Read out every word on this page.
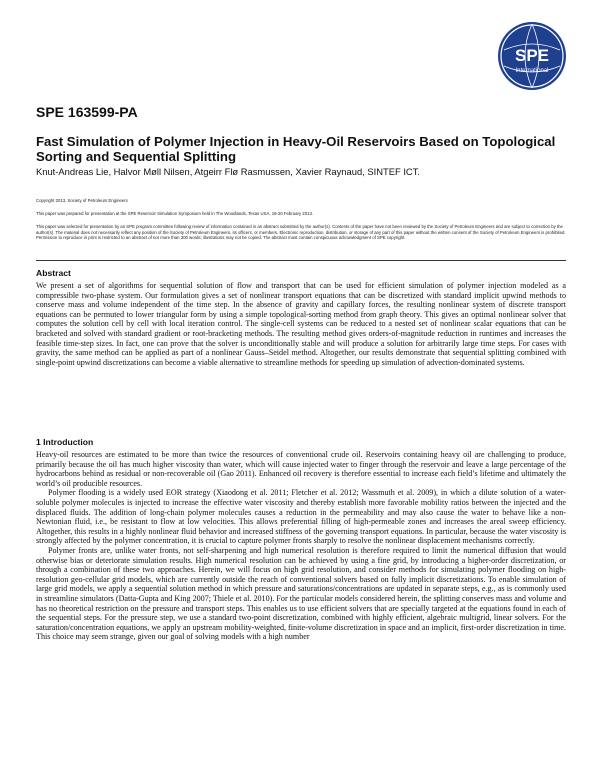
SPE
International
SPE 163599-PA
Fast Simulation of Polymer Injection in Heavy-Oil Reservoirs Based on Topological Sorting and Sequential Splitting
Knut-Andreas Lie, Halvor Møll Nilsen, Atgeirr Flø Rasmussen, Xavier Raynaud, SINTEF ICT.
Copyright 2013, Society of Petroleum Engineers
This paper was prepared for presentation at the SPE Reservoir Simulation Symposium held in The Woodlands, Texas USA, 18-20 February 2013.
This paper was selected for presentation by an SPE program committee following review of information contained in an abstract submitted by the author(s). Contents of the paper have not been reviewed by the Society of Petroleum Engineers and are subject to correction by the author(s). The material does not necessarily reflect any position of the Society of Petroleum Engineers, its officers, or members. Electronic reproduction, distribution, or storage of any part of this paper without the written consent of the Society of Petroleum Engineers is prohibited. Permission to reproduce in print is restricted to an abstract of not more than 300 words; illustrations may not be copied. The abstract must contain conspicuous acknowledgment of SPE copyright.
Abstract

We present a set of algorithms for sequential solution of flow and transport that can be used for efficient simulation of polymer injection modeled as a compressible two-phase system. Our formulation gives a set of nonlinear transport equations that can be discretized with standard implicit upwind methods to conserve mass and volume independent of the time step. In the absence of gravity and capillary forces, the resulting nonlinear system of discrete transport equations can be permuted to lower triangular form by using a simple topological-sorting method from graph theory. This gives an optimal nonlinear solver that computes the solution cell by cell with local iteration control. The single-cell systems can be reduced to a nested set of nonlinear scalar equations that can be bracketed and solved with standard gradient or root-bracketing methods. The resulting method gives orders-of-magnitude reduction in runtimes and increases the feasible time-step sizes. In fact, one can prove that the solver is unconditionally stable and will produce a solution for arbitrarily large time steps. For cases with gravity, the same method can be applied as part of a nonlinear Gauss–Seidel method. Altogether, our results demonstrate that sequential splitting combined with single-point upwind discretizations can become a viable alternative to streamline methods for speeding up simulation of advection-dominated systems.

1 Introduction

Heavy-oil resources are estimated to be more than twice the resources of conventional crude oil. Reservoirs containing heavy oil are challenging to produce, primarily because the oil has much higher viscosity than water, which will cause injected water to finger through the reservoir and leave a large percentage of the hydrocarbons behind as residual or non-recoverable oil (Gao 2011). Enhanced oil recovery is therefore essential to increase each field’s lifetime and ultimately the world’s oil producible resources.

Polymer flooding is a widely used EOR strategy (Xiaodong et al. 2011; Fletcher et al. 2012; Wassmuth et al. 2009), in which a dilute solution of a water-soluble polymer molecules is injected to increase the effective water viscosity and thereby establish more favorable mobility ratios between the injected and the displaced fluids. The addition of long-chain polymer molecules causes a reduction in the permeability and may also cause the water to behave like a non-Newtonian fluid, i.e., be resistant to flow at low velocities. This allows preferential filling of high-permeable zones and increases the areal sweep efficiency. Altogether, this results in a highly nonlinear fluid behavior and increased stiffness of the governing transport equations. In particular, because the water viscosity is strongly affected by the polymer concentration, it is crucial to capture polymer fronts sharply to resolve the nonlinear displacement mechanisms correctly.

Polymer fronts are, unlike water fronts, not self-sharpening and high numerical resolution is therefore required to limit the numerical diffusion that would otherwise bias or deteriorate simulation results. High numerical resolution can be achieved by using a fine grid, by introducing a higher-order discretization, or through a combination of these two approaches. Herein, we will focus on high grid resolution, and consider methods for simulating polymer flooding on high-resolution geo-cellular grid models, which are currently outside the reach of conventional solvers based on fully implicit discretizations. To enable simulation of large grid models, we apply a sequential solution method in which pressure and saturations/concentrations are updated in separate steps, e.g., as is commonly used in streamline simulators (Datta-Gupta and King 2007; Thiele et al. 2010). For the particular models considered herein, the splitting conserves mass and volume and has no theoretical restriction on the pressure and transport steps. This enables us to use efficient solvers that are specially targeted at the equations found in each of the sequential steps. For the pressure step, we use a standard two-point discretization, combined with highly efficient, algebraic multigrid, linear solvers. For the saturation/concentration equations, we apply an upstream mobility-weighted, finite-volume discretization in space and an implicit, first-order discretization in time. This choice may seem strange, given our goal of solving models with a high number
